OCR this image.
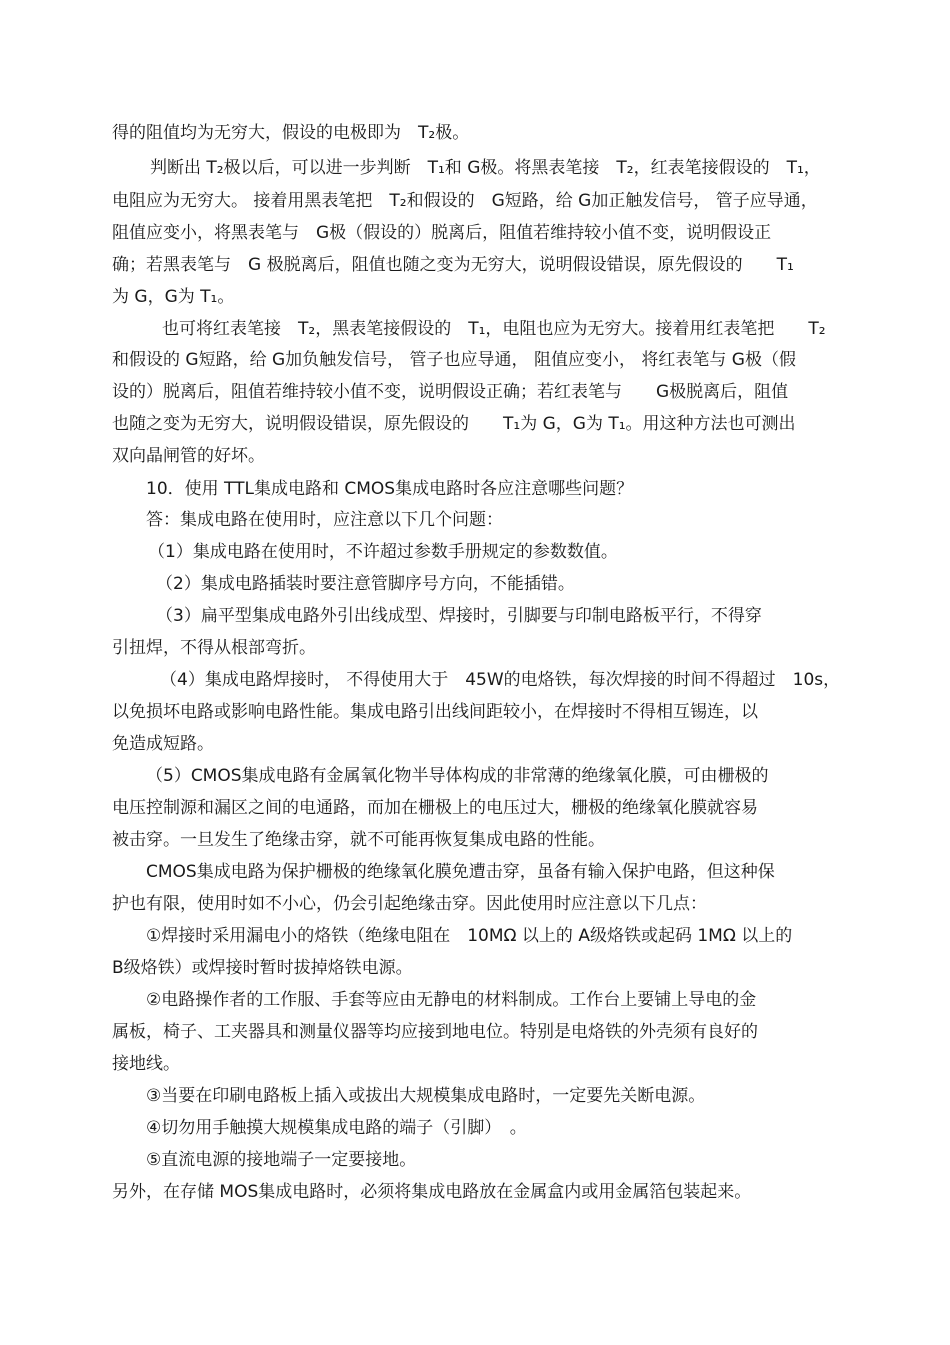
得的阻值均为无穷大，假设的电极即为　T₂极。

判断出 T₂极以后，可以进一步判断　T₁和 G极。将黑表笔接　T₂，红表笔接假设的　T₁，

电阻应为无穷大。 接着用黑表笔把　T₂和假设的　G短路，给 G加正触发信号， 管子应导通，

阻值应变小，将黑表笔与　G极（假设的）脱离后，阻值若维持较小值不变，说明假设正

确；若黑表笔与　G 极脱离后，阻值也随之变为无穷大，说明假设错误，原先假设的　　T₁

为 G，G为 T₁。

也可将红表笔接　T₂，黑表笔接假设的　T₁，电阻也应为无穷大。接着用红表笔把　　T₂

和假设的 G短路，给 G加负触发信号， 管子也应导通， 阻值应变小， 将红表笔与 G极（假

设的）脱离后，阻值若维持较小值不变，说明假设正确；若红表笔与　　G极脱离后，阻值

也随之变为无穷大，说明假设错误，原先假设的　　T₁为 G，G为 T₁。用这种方法也可测出

双向晶闸管的好坏。

10．使用 TTL集成电路和 CMOS集成电路时各应注意哪些问题？

答：集成电路在使用时，应注意以下几个问题：

（1）集成电路在使用时，不许超过参数手册规定的参数数值。

（2）集成电路插装时要注意管脚序号方向，不能插错。

（3）扁平型集成电路外引出线成型、焊接时，引脚要与印制电路板平行，不得穿

引扭焊，不得从根部弯折。

（4）集成电路焊接时， 不得使用大于　45W的电烙铁，每次焊接的时间不得超过　10s，

以免损坏电路或影响电路性能。集成电路引出线间距较小，在焊接时不得相互锡连，以

免造成短路。

（5）CMOS集成电路有金属氧化物半导体构成的非常薄的绝缘氧化膜，可由栅极的

电压控制源和漏区之间的电通路，而加在栅极上的电压过大，栅极的绝缘氧化膜就容易

被击穿。一旦发生了绝缘击穿，就不可能再恢复集成电路的性能。

CMOS集成电路为保护栅极的绝缘氧化膜免遭击穿，虽备有输入保护电路，但这种保

护也有限，使用时如不小心，仍会引起绝缘击穿。因此使用时应注意以下几点：

①焊接时采用漏电小的烙铁（绝缘电阻在　10MΩ 以上的 A级烙铁或起码 1MΩ 以上的

B级烙铁）或焊接时暂时拔掉烙铁电源。

②电路操作者的工作服、手套等应由无静电的材料制成。工作台上要铺上导电的金

属板，椅子、工夹器具和测量仪器等均应接到地电位。特别是电烙铁的外壳须有良好的

接地线。

③当要在印刷电路板上插入或拔出大规模集成电路时，一定要先关断电源。

④切勿用手触摸大规模集成电路的端子（引脚）　。

⑤直流电源的接地端子一定要接地。

另外，在存储 MOS集成电路时，必须将集成电路放在金属盒内或用金属箔包装起来。
